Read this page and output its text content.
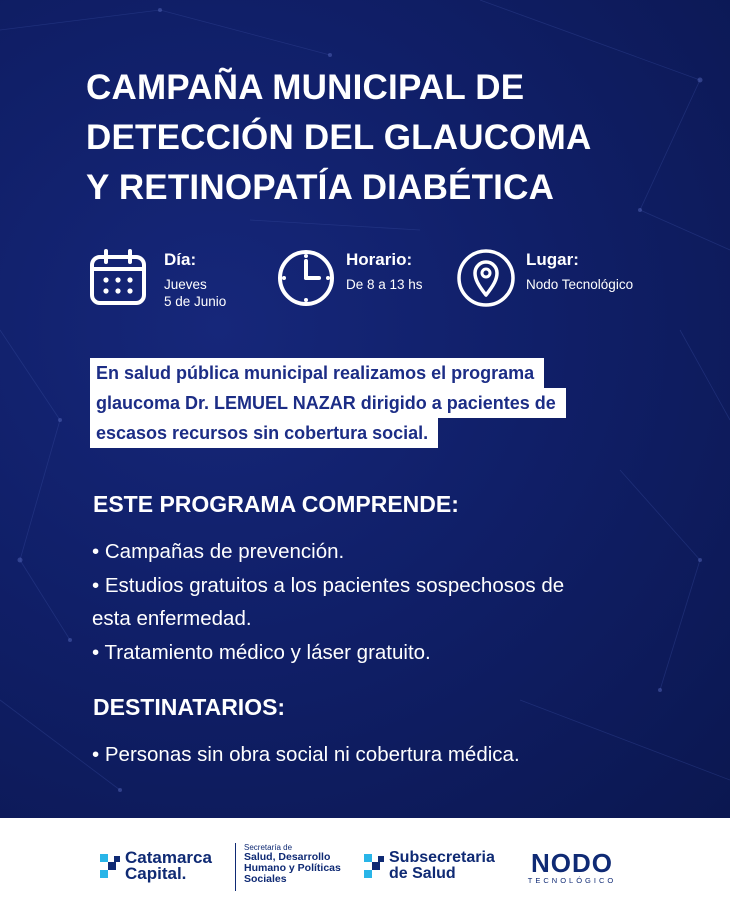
CAMPAÑA MUNICIPAL DE
DETECCIÓN DEL GLAUCOMA
Y RETINOPATÍA DIABÉTICA
Día:
Jueves
5 de Junio
Horario:
De 8 a 13 hs
Lugar:
Nodo Tecnológico
En salud pública municipal realizamos el programa
glaucoma Dr. LEMUEL NAZAR dirigido a pacientes de
escasos recursos sin cobertura social.
ESTE PROGRAMA COMPRENDE:
• Campañas de prevención.
• Estudios gratuitos a los pacientes sospechosos de
esta enfermedad.
• Tratamiento médico y láser gratuito.
DESTINATARIOS:
• Personas sin obra social ni cobertura médica.
Catamarca
Capital.
Secretaría de
Salud, Desarrollo
Humano y Políticas
Sociales
Subsecretaria
de Salud	NODO
TECNOLÓGICO
